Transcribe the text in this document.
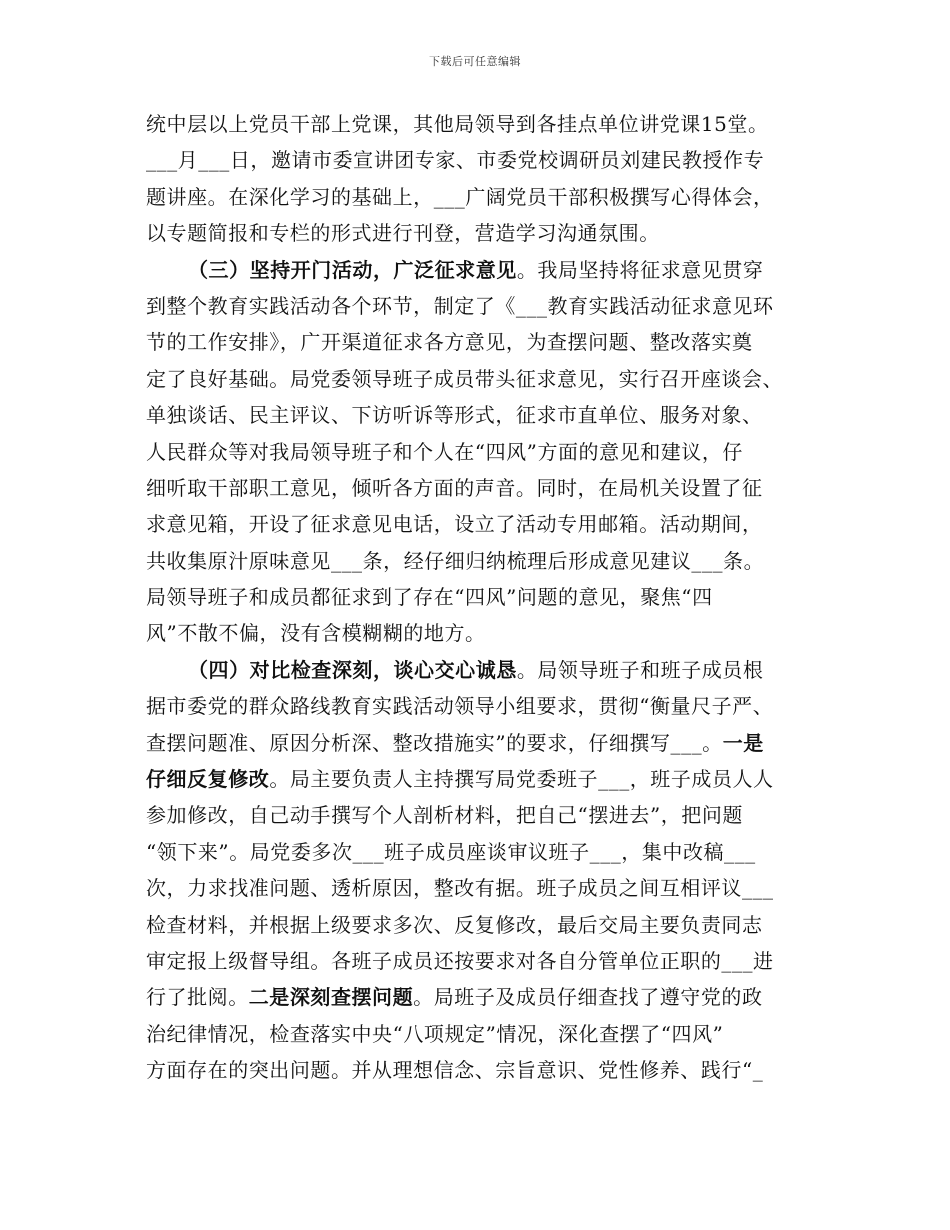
下载后可任意编辑
统中层以上党员干部上党课，其他局领导到各挂点单位讲党课15堂。
___月___日，邀请市委宣讲团专家、市委党校调研员刘建民教授作专
题讲座。在深化学习的基础上，___广阔党员干部积极撰写心得体会，
以专题简报和专栏的形式进行刊登，营造学习沟通氛围。
（三）坚持开门活动，广泛征求意见。我局坚持将征求意见贯穿
到整个教育实践活动各个环节，制定了《___教育实践活动征求意见环
节的工作安排》，广开渠道征求各方意见，为查摆问题、整改落实奠
定了良好基础。局党委领导班子成员带头征求意见，实行召开座谈会、
单独谈话、民主评议、下访听诉等形式，征求市直单位、服务对象、
人民群众等对我局领导班子和个人在“四风”方面的意见和建议，仔
细听取干部职工意见，倾听各方面的声音。同时，在局机关设置了征
求意见箱，开设了征求意见电话，设立了活动专用邮箱。活动期间，
共收集原汁原味意见___条，经仔细归纳梳理后形成意见建议___条。
局领导班子和成员都征求到了存在“四风”问题的意见，聚焦“四
风”不散不偏，没有含模糊糊的地方。
（四）对比检查深刻，谈心交心诚恳。局领导班子和班子成员根
据市委党的群众路线教育实践活动领导小组要求，贯彻“衡量尺子严、
查摆问题准、原因分析深、整改措施实”的要求，仔细撰写___。一是
仔细反复修改。局主要负责人主持撰写局党委班子___，班子成员人人
参加修改，自己动手撰写个人剖析材料，把自己“摆进去”，把问题
“领下来”。局党委多次___班子成员座谈审议班子___，集中改稿___
次，力求找准问题、透析原因，整改有据。班子成员之间互相评议___
检查材料，并根据上级要求多次、反复修改，最后交局主要负责同志
审定报上级督导组。各班子成员还按要求对各自分管单位正职的___进
行了批阅。二是深刻查摆问题。局班子及成员仔细查找了遵守党的政
治纪律情况，检查落实中央“八项规定”情况，深化查摆了“四风”
方面存在的突出问题。并从理想信念、宗旨意识、党性修养、践行“_
